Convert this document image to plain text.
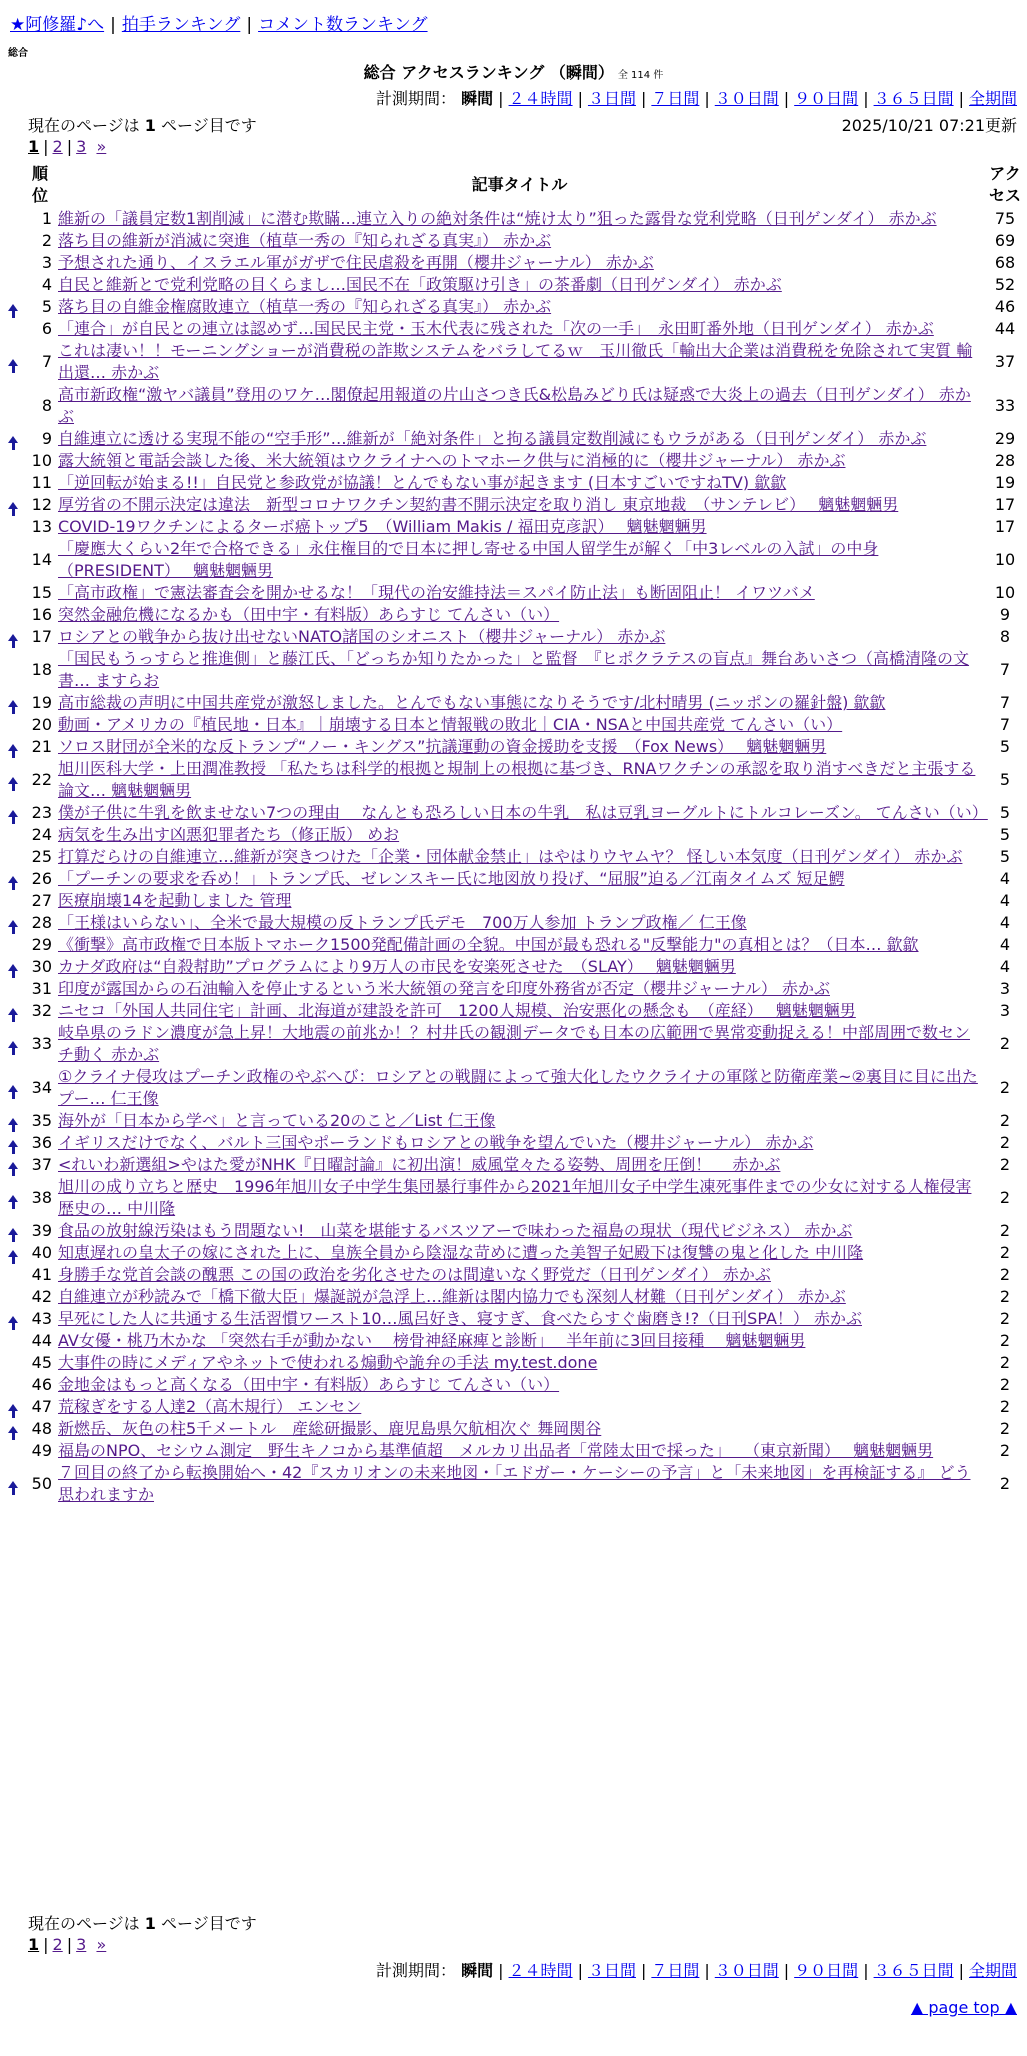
★阿修羅♪へ | 拍手ランキング | コメント数ランキング
総合
総合 アクセスランキング （瞬間） 全 114 件
計測期間： 瞬間 | ２４時間 | ３日間 | ７日間 | ３０日間 | ９０日間 | ３６５日間 | 全期間
現在のページは 1 ページ目です	2025/10/21 07:21更新
1 | 2 | 3 »

	順位	記事タイトル	アクセス

	1	維新の「議員定数1割削減」に潜む欺瞞…連立入りの絶対条件は“焼け太り”狙った露骨な党利党略（日刊ゲンダイ） 赤かぶ	75
	2	落ち目の維新が消滅に突進（植草一秀の『知られざる真実』） 赤かぶ	69
	3	予想された通り、イスラエル軍がガザで住民虐殺を再開（櫻井ジャーナル） 赤かぶ	68
	4	自民と維新とで党利党略の目くらまし…国民不在「政策駆け引き」の茶番劇（日刊ゲンダイ） 赤かぶ	52
	5	落ち目の自維金権腐敗連立（植草一秀の『知られざる真実』） 赤かぶ	46
	6	「連合」が自民との連立は認めず…国民民主党・玉木代表に残された「次の一手」　永田町番外地（日刊ゲンダイ） 赤かぶ	44
	7	これは凄い！！モーニングショーが消費税の詐欺システムをバラしてるｗ　玉川徹氏「輸出大企業は消費税を免除されて実質 輸出還… 赤かぶ	37
	8	高市新政権“激ヤバ議員”登用のワケ…閣僚起用報道の片山さつき氏&松島みどり氏は疑惑で大炎上の過去（日刊ゲンダイ） 赤かぶ	33
	9	自維連立に透ける実現不能の“空手形”…維新が「絶対条件」と拘る議員定数削減にもウラがある（日刊ゲンダイ） 赤かぶ	29
	10	露大統領と電話会談した後、米大統領はウクライナへのトマホーク供与に消極的に（櫻井ジャーナル） 赤かぶ	28
	11	「逆回転が始まる!!」自民党と参政党が協議！とんでもない事が起きます (日本すごいですねTV) 歙歙	19
	12	厚労省の不開示決定は違法　新型コロナワクチン契約書不開示決定を取り消し 東京地裁　（サンテレビ）　 魑魅魍魎男	17
	13	COVID-19ワクチンによるターボ癌トップ5　（William Makis / 福田克彦訳）　 魑魅魍魎男	17
	14	「慶應大くらい2年で合格できる」永住権目的で日本に押し寄せる中国人留学生が解く「中3レベルの入試」の中身（PRESIDENT）　 魑魅魍魎男	10
	15	「高市政権」で憲法審査会を開かせるな！「現代の治安維持法＝スパイ防止法」も断固阻止！ イワツバメ	10
	16	突然金融危機になるかも（田中宇・有料版）あらすじ てんさい（い）	9
	17	ロシアとの戦争から抜け出せないNATO諸国のシオニスト（櫻井ジャーナル） 赤かぶ	8
	18	「国民もうっすらと推進側」と藤江氏、「どっちか知りたかった」と監督　『ヒポクラテスの盲点』舞台あいさつ（高橋清隆の文書… ますらお	7
	19	高市総裁の声明に中国共産党が激怒しました。とんでもない事態になりそうです/北村晴男 (ニッポンの羅針盤) 歙歙	7
	20	動画・アメリカの『植民地・日本』｜崩壊する日本と情報戦の敗北｜CIA・NSAと中国共産党 てんさい（い）	7
	21	ソロス財団が全米的な反トランプ“ノー・キングス”抗議運動の資金援助を支援　（Fox News）　 魑魅魍魎男	5
	22	旭川医科大学・上田潤准教授 「私たちは科学的根拠と規制上の根拠に基づき、RNAワクチンの承認を取り消すべきだと主張する論文… 魑魅魍魎男	5
	23	僕が子供に牛乳を飲ませない7つの理由　 なんとも恐ろしい日本の牛乳　私は豆乳ヨーグルトにトルコレーズン。 てんさい（い）	5
	24	病気を生み出す凶悪犯罪者たち（修正版） めお	5
	25	打算だらけの自維連立…維新が突きつけた「企業・団体献金禁止」はやはりウヤムヤ？ 怪しい本気度（日刊ゲンダイ） 赤かぶ	5
	26	「プーチンの要求を呑め！」トランプ氏、ゼレンスキー氏に地図放り投げ、“屈服”迫る／江南タイムズ 短足鰐	4
	27	医療崩壊14を起動しました 管理	4
	28	「王様はいらない」、全米で最大規模の反トランプ氏デモ　700万人参加 トランプ政権／ 仁王像	4
	29	《衝撃》高市政権で日本版トマホーク1500発配備計画の全貌。中国が最も恐れる"反撃能力"の真相とは？（日本… 歙歙	4
	30	カナダ政府は“自殺幇助”プログラムにより9万人の市民を安楽死させた　（SLAY）　 魑魅魍魎男	4
	31	印度が露国からの石油輸入を停止するという米大統領の発言を印度外務省が否定（櫻井ジャーナル） 赤かぶ	3
	32	ニセコ「外国人共同住宅」計画、北海道が建設を許可　1200人規模、治安悪化の懸念も　（産経）　 魑魅魍魎男	3
	33	岐阜県のラドン濃度が急上昇！大地震の前兆か！？村井氏の観測データでも日本の広範囲で異常変動捉える！中部周囲で数センチ動く 赤かぶ	2
	34	①クライナ侵攻はプーチン政権のやぶへび：ロシアとの戦闘によって強大化したウクライナの軍隊と防衛産業~②裏目に目に出たプー… 仁王像	2
	35	海外が「日本から学べ」と言っている20のこと／List 仁王像	2
	36	イギリスだけでなく、バルト三国やポーランドもロシアとの戦争を望んでいた（櫻井ジャーナル） 赤かぶ	2
	37	<れいわ新選組>やはた愛がNHK『日曜討論』に初出演！威風堂々たる姿勢、周囲を圧倒！　 赤かぶ	2
	38	旭川の成り立ちと歴史　1996年旭川女子中学生集団暴行事件から2021年旭川女子中学生凍死事件までの少女に対する人権侵害歴史の… 中川隆	2
	39	食品の放射線汚染はもう問題ない!　山菜を堪能するバスツアーで味わった福島の現状（現代ビジネス） 赤かぶ	2
	40	知恵遅れの皇太子の嫁にされた上に、皇族全員から陰湿な苛めに遭った美智子妃殿下は復讐の鬼と化した 中川隆	2
	41	身勝手な党首会談の醜悪 この国の政治を劣化させたのは間違いなく野党だ（日刊ゲンダイ） 赤かぶ	2
	42	自維連立が秒読みで「橋下徹大臣」爆誕説が急浮上…維新は閣内協力でも深刻人材難（日刊ゲンダイ） 赤かぶ	2
	43	早死にした人に共通する生活習慣ワースト10…風呂好き、寝すぎ、食べたらすぐ歯磨き!?（日刊SPA！） 赤かぶ	2
	44	AV女優・桃乃木かな 「突然右手が動かない　 榜骨神経麻痺と診断」　 半年前に3回目接種　 魑魅魍魎男	2
	45	大事件の時にメディアやネットで使われる煽動や詭弁の手法 my.test.done	2
	46	金地金はもっと高くなる（田中宇・有料版）あらすじ てんさい（い）	2
	47	荒稼ぎをする人達2（高木規行） エンセン	2
	48	新燃岳、灰色の柱5千メートル　産総研撮影、鹿児島県欠航相次ぐ 舞岡関谷	2
	49	福島のNPO、セシウム測定　野生キノコから基準値超　メルカリ出品者「常陸太田で採った」　 （東京新聞）　 魑魅魍魎男	2
	50	７回目の終了から転換開始へ・42『スカリオンの未来地図・「エドガー・ケーシーの予言」と「未来地図」を再検証する』 どう思われますか	2
現在のページは 1 ページ目です
1 | 2 | 3 »
計測期間： 瞬間 | ２４時間 | ３日間 | ７日間 | ３０日間 | ９０日間 | ３６５日間 | 全期間
▲ page top ▲
